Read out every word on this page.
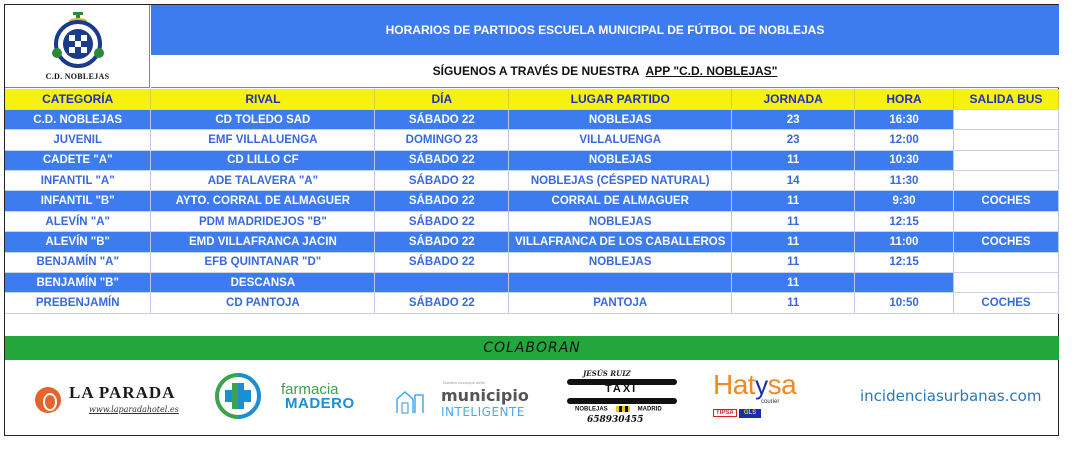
C.D. NOBLEJAS
HORARIOS DE PARTIDOS ESCUELA MUNICIPAL DE FÚTBOL DE NOBLEJAS
SÍGUENOS A TRAVÉS DE NUESTRA APP "C.D. NOBLEJAS"
CATEGORÍA	RIVAL	DÍA	LUGAR PARTIDO	JORNADA	HORA	SALIDA BUS
C.D. NOBLEJAS	CD TOLEDO SAD	SÁBADO 22	NOBLEJAS	23	16:30	
JUVENIL	EMF VILLALUENGA	DOMINGO 23	VILLALUENGA	23	12:00	
CADETE "A"	CD LILLO CF	SÁBADO 22	NOBLEJAS	11	10:30	
INFANTIL "A"	ADE TALAVERA "A"	SÁBADO 22	NOBLEJAS (CÉSPED NATURAL)	14	11:30	
INFANTIL "B"	AYTO. CORRAL DE ALMAGUER	SÁBADO 22	CORRAL DE ALMAGUER	11	9:30	COCHES
ALEVÍN "A"	PDM MADRIDEJOS "B"	SÁBADO 22	NOBLEJAS	11	12:15	
ALEVÍN "B"	EMD VILLAFRANCA JACIN	SÁBADO 22	VILLAFRANCA DE LOS CABALLEROS	11	11:00	COCHES
BENJAMÍN "A"	EFB QUINTANAR "D"	SÁBADO 22	NOBLEJAS	11	12:15	
BENJAMÍN "B"	DESCANSA			11		
PREBENJAMÍN	CD PANTOJA	SÁBADO 22	PANTOJA	11	10:50	COCHES
COLABORAN
LA PARADA
www.laparadahotel.es
farmacia
MADERO
Nuestro municipio debe
municipio
INTELIGENTE
JESÚS RUIZ
TAXI
NOBLEJAS	MADRID
658930455
Hatysa
courier
TIPSA	GLS
incidenciasurbanas.com
